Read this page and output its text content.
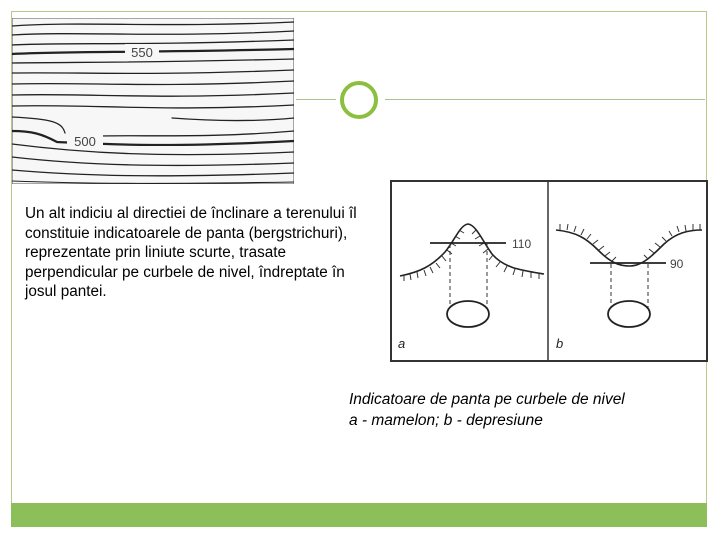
550
500
110
a
90
b

Un alt indiciu al directiei de înclinare a terenului îl constituie indicatoarele de panta (bergstrichuri), reprezentate prin liniute scurte, trasate perpendicular pe curbele de nivel, îndreptate în josul pantei.

Indicatoare de panta pe curbele de nivel
a - mamelon; b - depresiune
